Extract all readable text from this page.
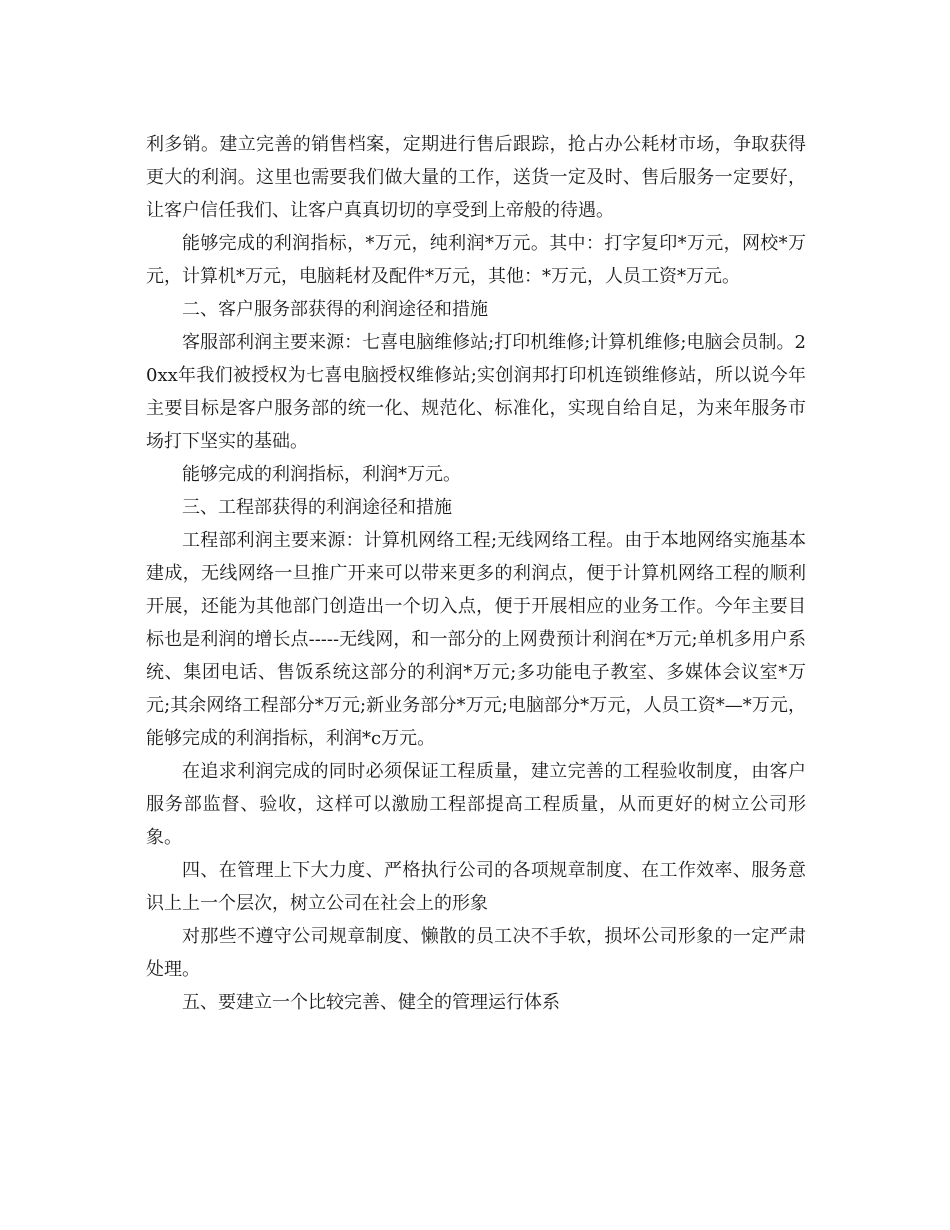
利多销。建立完善的销售档案，定期进行售后跟踪，抢占办公耗材市场，争取获得更大的利润。这里也需要我们做大量的工作，送货一定及时、售后服务一定要好，让客户信任我们、让客户真真切切的享受到上帝般的待遇。

能够完成的利润指标，*万元，纯利润*万元。其中：打字复印*万元，网校*万元，计算机*万元，电脑耗材及配件*万元，其他：*万元，人员工资*万元。

二、客户服务部获得的利润途径和措施

客服部利润主要来源：七喜电脑维修站;打印机维修;计算机维修;电脑会员制。20xx年我们被授权为七喜电脑授权维修站;实创润邦打印机连锁维修站，所以说今年主要目标是客户服务部的统一化、规范化、标准化，实现自给自足，为来年服务市场打下坚实的基础。

能够完成的利润指标，利润*万元。

三、工程部获得的利润途径和措施

工程部利润主要来源：计算机网络工程;无线网络工程。由于本地网络实施基本建成，无线网络一旦推广开来可以带来更多的利润点，便于计算机网络工程的顺利开展，还能为其他部门创造出一个切入点，便于开展相应的业务工作。今年主要目标也是利润的增长点-----无线网，和一部分的上网费预计利润在*万元;单机多用户系统、集团电话、售饭系统这部分的利润*万元;多功能电子教室、多媒体会议室*万元;其余网络工程部分*万元;新业务部分*万元;电脑部分*万元，人员工资*—*万元，能够完成的利润指标，利润*c万元。

在追求利润完成的同时必须保证工程质量，建立完善的工程验收制度，由客户服务部监督、验收，这样可以激励工程部提高工程质量，从而更好的树立公司形象。

四、在管理上下大力度、严格执行公司的各项规章制度、在工作效率、服务意识上上一个层次，树立公司在社会上的形象

对那些不遵守公司规章制度、懒散的员工决不手软，损坏公司形象的一定严肃处理。

五、要建立一个比较完善、健全的管理运行体系
